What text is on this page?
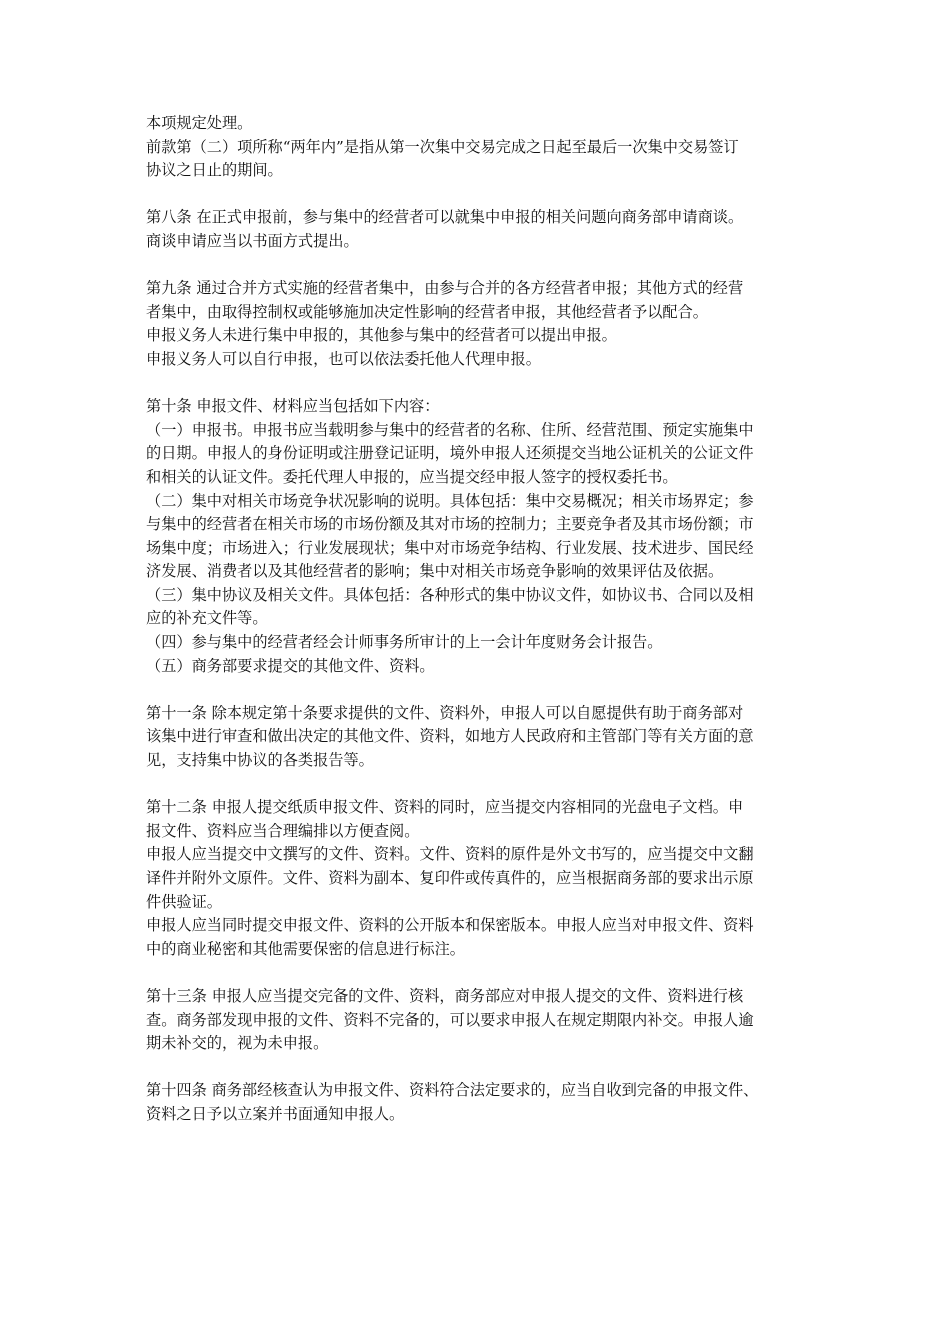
本项规定处理。
前款第（二）项所称“两年内”是指从第一次集中交易完成之日起至最后一次集中交易签订
协议之日止的期间。
第八条 在正式申报前，参与集中的经营者可以就集中申报的相关问题向商务部申请商谈。
商谈申请应当以书面方式提出。
第九条 通过合并方式实施的经营者集中，由参与合并的各方经营者申报；其他方式的经营
者集中，由取得控制权或能够施加决定性影响的经营者申报，其他经营者予以配合。
申报义务人未进行集中申报的，其他参与集中的经营者可以提出申报。
申报义务人可以自行申报，也可以依法委托他人代理申报。
第十条 申报文件、材料应当包括如下内容：
（一）申报书。申报书应当载明参与集中的经营者的名称、住所、经营范围、预定实施集中
的日期。申报人的身份证明或注册登记证明，境外申报人还须提交当地公证机关的公证文件
和相关的认证文件。委托代理人申报的，应当提交经申报人签字的授权委托书。
（二）集中对相关市场竞争状况影响的说明。具体包括：集中交易概况；相关市场界定；参
与集中的经营者在相关市场的市场份额及其对市场的控制力；主要竞争者及其市场份额；市
场集中度；市场进入；行业发展现状；集中对市场竞争结构、行业发展、技术进步、国民经
济发展、消费者以及其他经营者的影响；集中对相关市场竞争影响的效果评估及依据。
（三）集中协议及相关文件。具体包括：各种形式的集中协议文件，如协议书、合同以及相
应的补充文件等。
（四）参与集中的经营者经会计师事务所审计的上一会计年度财务会计报告。
（五）商务部要求提交的其他文件、资料。
第十一条 除本规定第十条要求提供的文件、资料外，申报人可以自愿提供有助于商务部对
该集中进行审查和做出决定的其他文件、资料，如地方人民政府和主管部门等有关方面的意
见，支持集中协议的各类报告等。
第十二条 申报人提交纸质申报文件、资料的同时，应当提交内容相同的光盘电子文档。申
报文件、资料应当合理编排以方便查阅。
申报人应当提交中文撰写的文件、资料。文件、资料的原件是外文书写的，应当提交中文翻
译件并附外文原件。文件、资料为副本、复印件或传真件的，应当根据商务部的要求出示原
件供验证。
申报人应当同时提交申报文件、资料的公开版本和保密版本。申报人应当对申报文件、资料
中的商业秘密和其他需要保密的信息进行标注。
第十三条 申报人应当提交完备的文件、资料，商务部应对申报人提交的文件、资料进行核
查。商务部发现申报的文件、资料不完备的，可以要求申报人在规定期限内补交。申报人逾
期未补交的，视为未申报。
第十四条 商务部经核查认为申报文件、资料符合法定要求的，应当自收到完备的申报文件、
资料之日予以立案并书面通知申报人。
